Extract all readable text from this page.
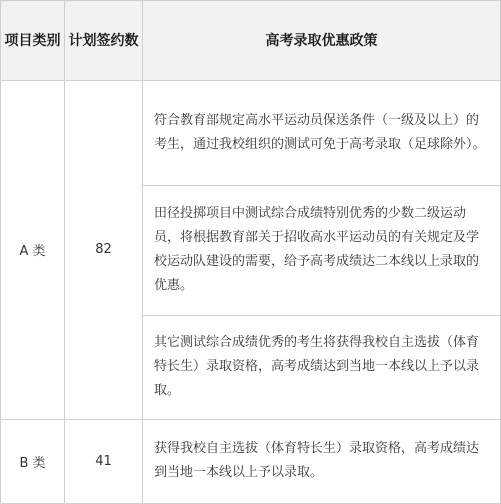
项目类别	计划签约数	高考录取优惠政策
A 类	82	符合教育部规定高水平运动员保送条件（一级及以上）的考生，通过我校组织的测试可免于高考录取（足球除外）。
		田径投掷项目中测试综合成绩特别优秀的少数二级运动员，将根据教育部关于招收高水平运动员的有关规定及学校运动队建设的需要，给予高考成绩达二本线以上录取的优惠。
		其它测试综合成绩优秀的考生将获得我校自主选拔（体育特长生）录取资格，高考成绩达到当地一本线以上予以录取。
B 类	41	获得我校自主选拔（体育特长生）录取资格，高考成绩达到当地一本线以上予以录取。
